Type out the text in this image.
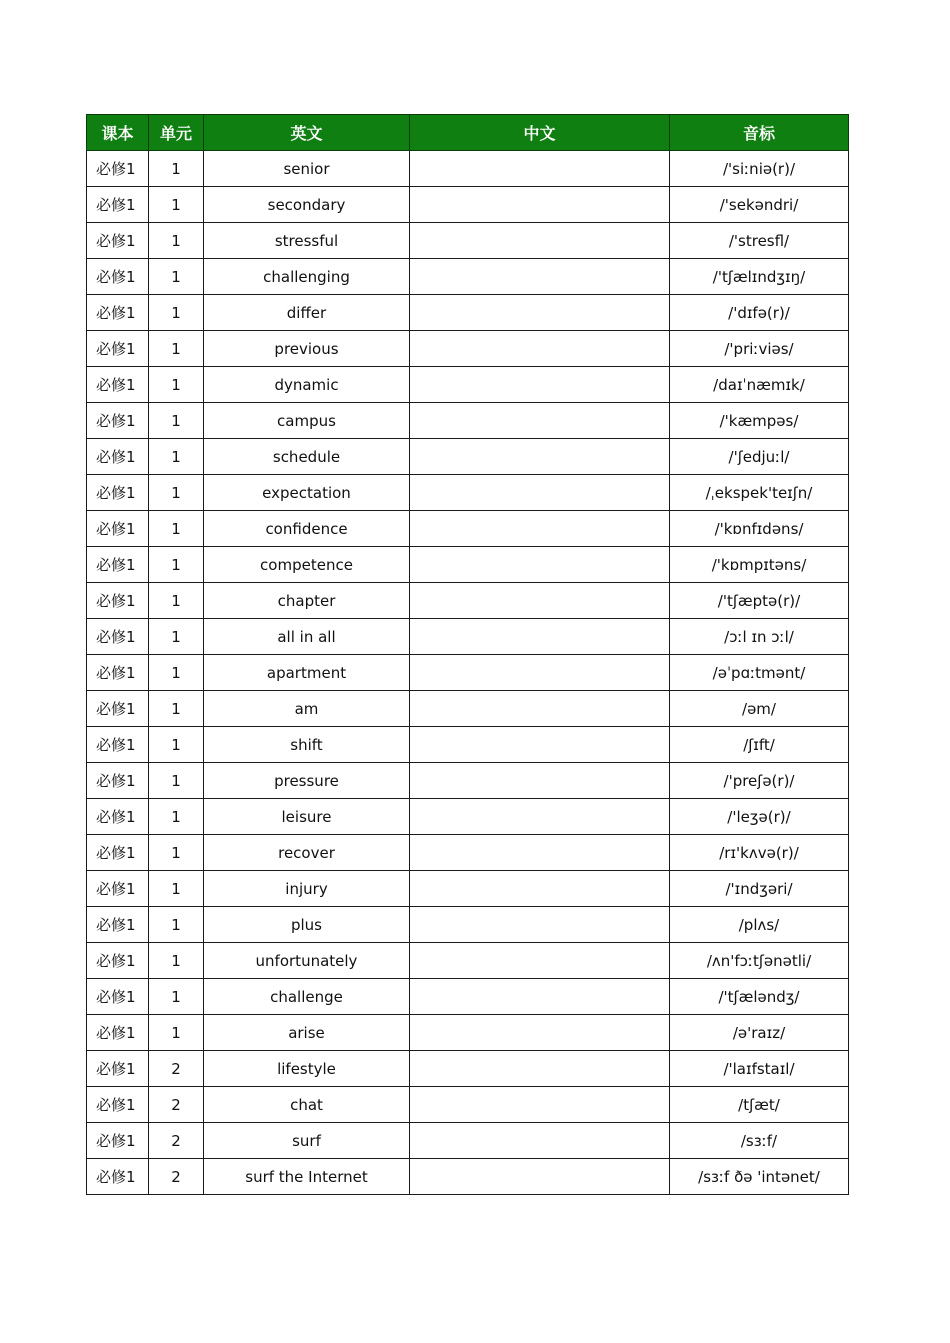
课本	单元	英文	中文	音标
必修1	1	senior		/'siːniə(r)/
必修1	1	secondary		/'sekəndri/
必修1	1	stressful		/'stresfl/
必修1	1	challenging		/'tʃælɪndʒɪŋ/
必修1	1	differ		/'dɪfə(r)/
必修1	1	previous		/'priːviəs/
必修1	1	dynamic		/daɪˈnæmɪk/
必修1	1	campus		/'kæmpəs/
必修1	1	schedule		/'ʃedjuːl/
必修1	1	expectation		/ˌekspek'teɪʃn/
必修1	1	confidence		/'kɒnfɪdəns/
必修1	1	competence		/'kɒmpɪtəns/
必修1	1	chapter		/'tʃæptə(r)/
必修1	1	all in all		/ɔːl ɪn ɔːl/
必修1	1	apartment		/əˈpɑːtmənt/
必修1	1	am		/əm/
必修1	1	shift		/ʃɪft/
必修1	1	pressure		/'preʃə(r)/
必修1	1	leisure		/'leʒə(r)/
必修1	1	recover		/rɪ'kʌvə(r)/
必修1	1	injury		/'ɪndʒəri/
必修1	1	plus		/plʌs/
必修1	1	unfortunately		/ʌn'fɔːtʃənətli/
必修1	1	challenge		/'tʃæləndʒ/
必修1	1	arise		/ə'raɪz/
必修1	2	lifestyle		/'laɪfstaɪl/
必修1	2	chat		/tʃæt/
必修1	2	surf		/sɜːf/
必修1	2	surf the Internet		/sɜːf ðə 'intənet/
